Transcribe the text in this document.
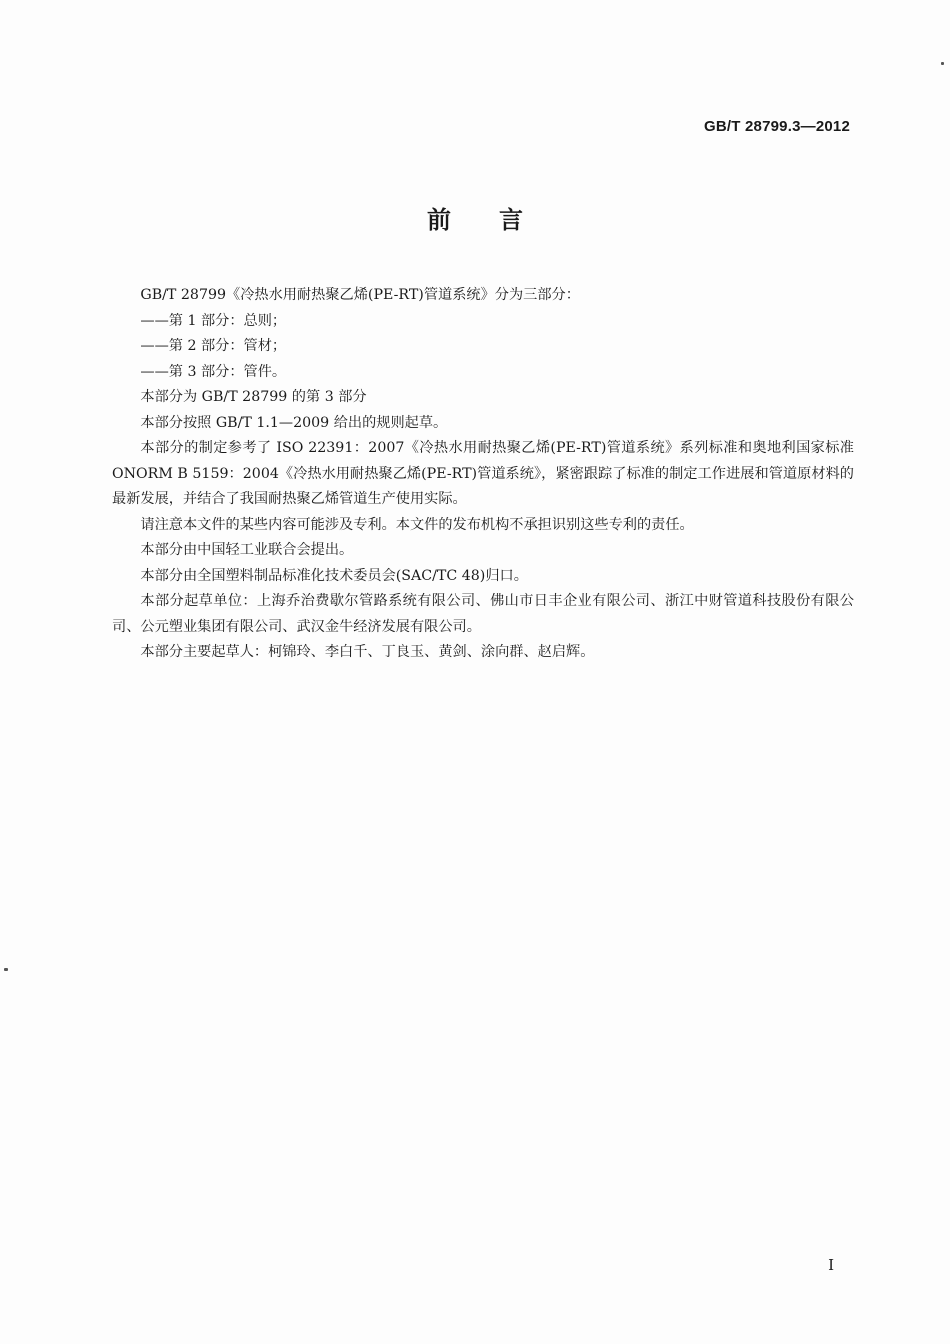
GB/T 28799.3—2012
前言

GB/T 28799《冷热水用耐热聚乙烯(PE-RT)管道系统》分为三部分：

——第 1 部分：总则；

——第 2 部分：管材；

——第 3 部分：管件。

本部分为 GB/T 28799 的第 3 部分

本部分按照 GB/T 1.1—2009 给出的规则起草。

本部分的制定参考了 ISO 22391：2007《冷热水用耐热聚乙烯(PE-RT)管道系统》系列标准和奥地利国家标准 ONORM B 5159：2004《冷热水用耐热聚乙烯(PE-RT)管道系统》，紧密跟踪了标准的制定工作进展和管道原材料的最新发展，并结合了我国耐热聚乙烯管道生产使用实际。

请注意本文件的某些内容可能涉及专利。本文件的发布机构不承担识别这些专利的责任。

本部分由中国轻工业联合会提出。

本部分由全国塑料制品标准化技术委员会(SAC/TC 48)归口。

本部分起草单位：上海乔治费歇尔管路系统有限公司、佛山市日丰企业有限公司、浙江中财管道科技股份有限公司、公元塑业集团有限公司、武汉金牛经济发展有限公司。

本部分主要起草人：柯锦玲、李白千、丁良玉、黄剑、涂向群、赵启辉。

I
